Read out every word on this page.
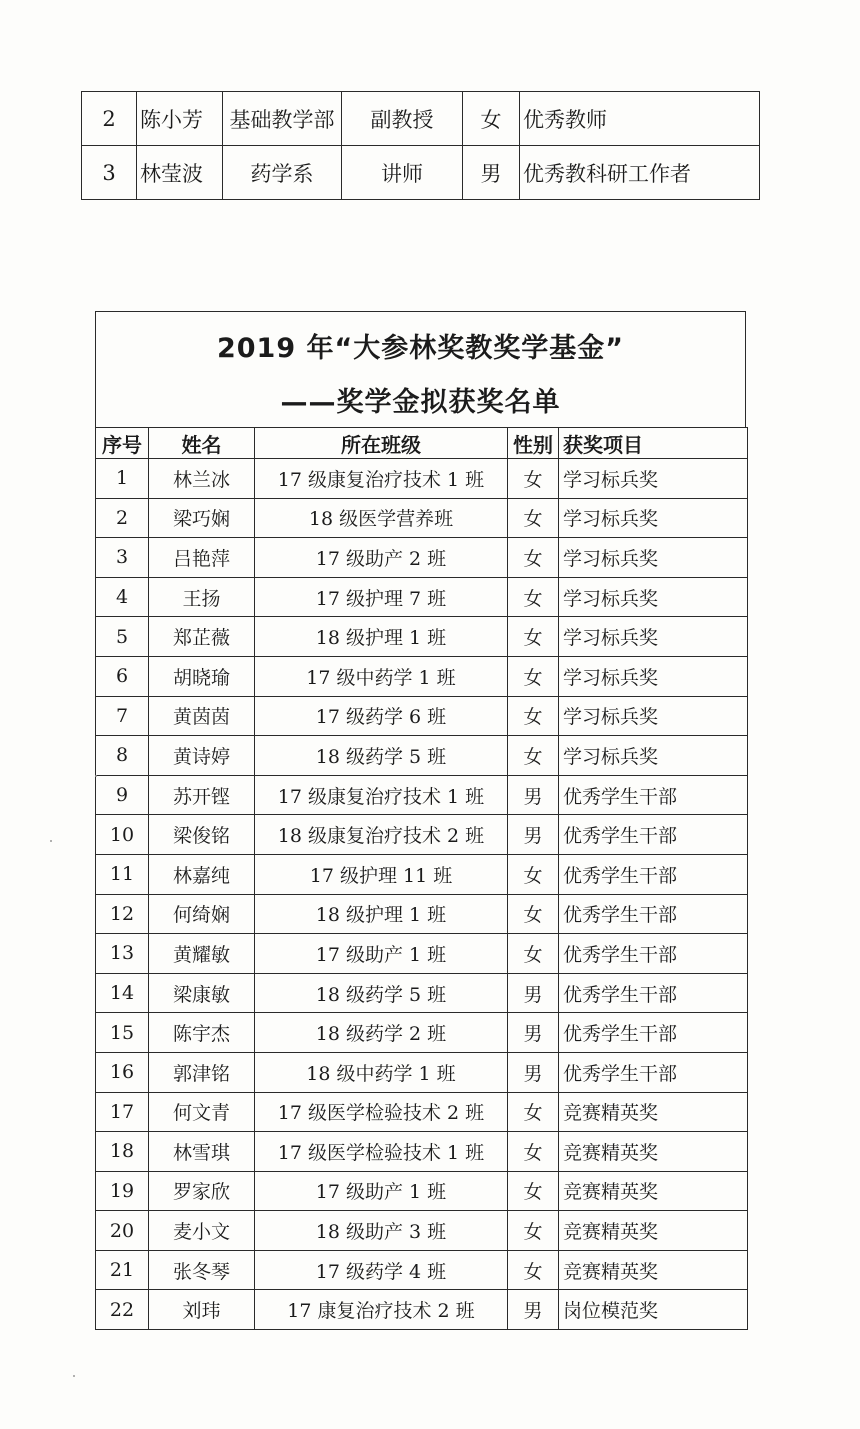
2	陈小芳	基础教学部	副教授	女	优秀教师
3	林莹波	药学系	讲师	男	优秀教科研工作者
2019 年“大参林奖教奖学基金”
——奖学金拟获奖名单
序号	姓名	所在班级	性别	获奖项目
1	林兰冰	17 级康复治疗技术 1 班	女	学习标兵奖
2	梁巧娴	18 级医学营养班	女	学习标兵奖
3	吕艳萍	17 级助产 2 班	女	学习标兵奖
4	王扬	17 级护理 7 班	女	学习标兵奖
5	郑芷薇	18 级护理 1 班	女	学习标兵奖
6	胡晓瑜	17 级中药学 1 班	女	学习标兵奖
7	黄茵茵	17 级药学 6 班	女	学习标兵奖
8	黄诗婷	18 级药学 5 班	女	学习标兵奖
9	苏开铿	17 级康复治疗技术 1 班	男	优秀学生干部
10	梁俊铭	18 级康复治疗技术 2 班	男	优秀学生干部
11	林嘉纯	17 级护理 11 班	女	优秀学生干部
12	何绮娴	18 级护理 1 班	女	优秀学生干部
13	黄耀敏	17 级助产 1 班	女	优秀学生干部
14	梁康敏	18 级药学 5 班	男	优秀学生干部
15	陈宇杰	18 级药学 2 班	男	优秀学生干部
16	郭津铭	18 级中药学 1 班	男	优秀学生干部
17	何文青	17 级医学检验技术 2 班	女	竞赛精英奖
18	林雪琪	17 级医学检验技术 1 班	女	竞赛精英奖
19	罗家欣	17 级助产 1 班	女	竞赛精英奖
20	麦小文	18 级助产 3 班	女	竞赛精英奖
21	张冬琴	17 级药学 4 班	女	竞赛精英奖
22	刘玮	17 康复治疗技术 2 班	男	岗位模范奖
